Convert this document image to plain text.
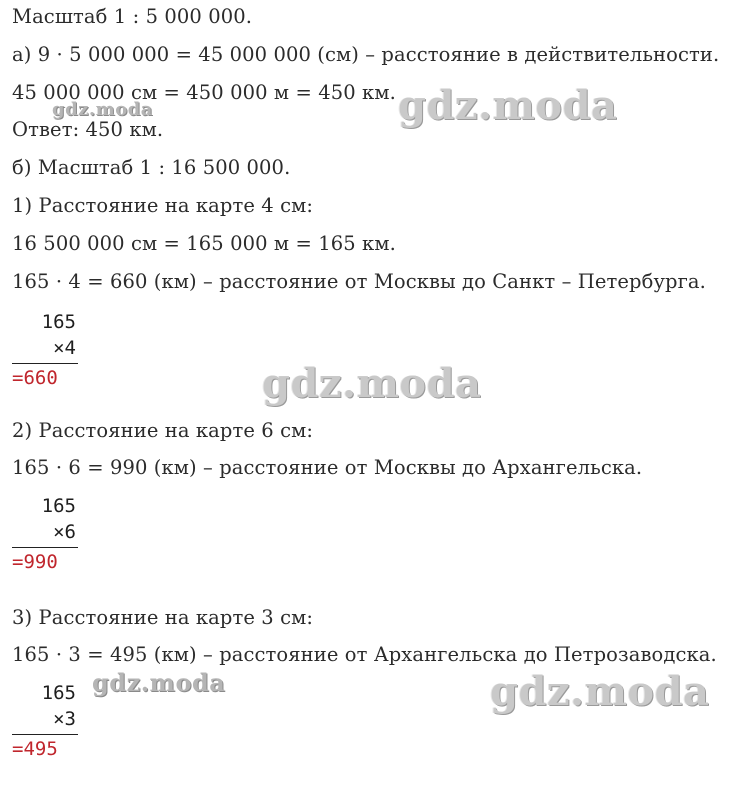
Масштаб 1 : 5 000 000.
а) 9 · 5 000 000 = 45 000 000 (см) – расстояние в действительности.
45 000 000 см = 450 000 м = 450 км.
Ответ: 450 км.
б) Масштаб 1 : 16 500 000.
1) Расстояние на карте 4 см:
16 500 000 см = 165 000 м = 165 км.
165 · 4 = 660 (км) – расстояние от Москвы до Санкт – Петербурга.
165
×4
=660
2) Расстояние на карте 6 см:
165 · 6 = 990 (км) – расстояние от Москвы до Архангельска.
165
×6
=990
3) Расстояние на карте 3 см:
165 · 3 = 495 (км) – расстояние от Архангельска до Петрозаводска.
165
×3
=495
gdz.moda	gdz.moda
gdz.moda
gdz.moda	gdz.moda
